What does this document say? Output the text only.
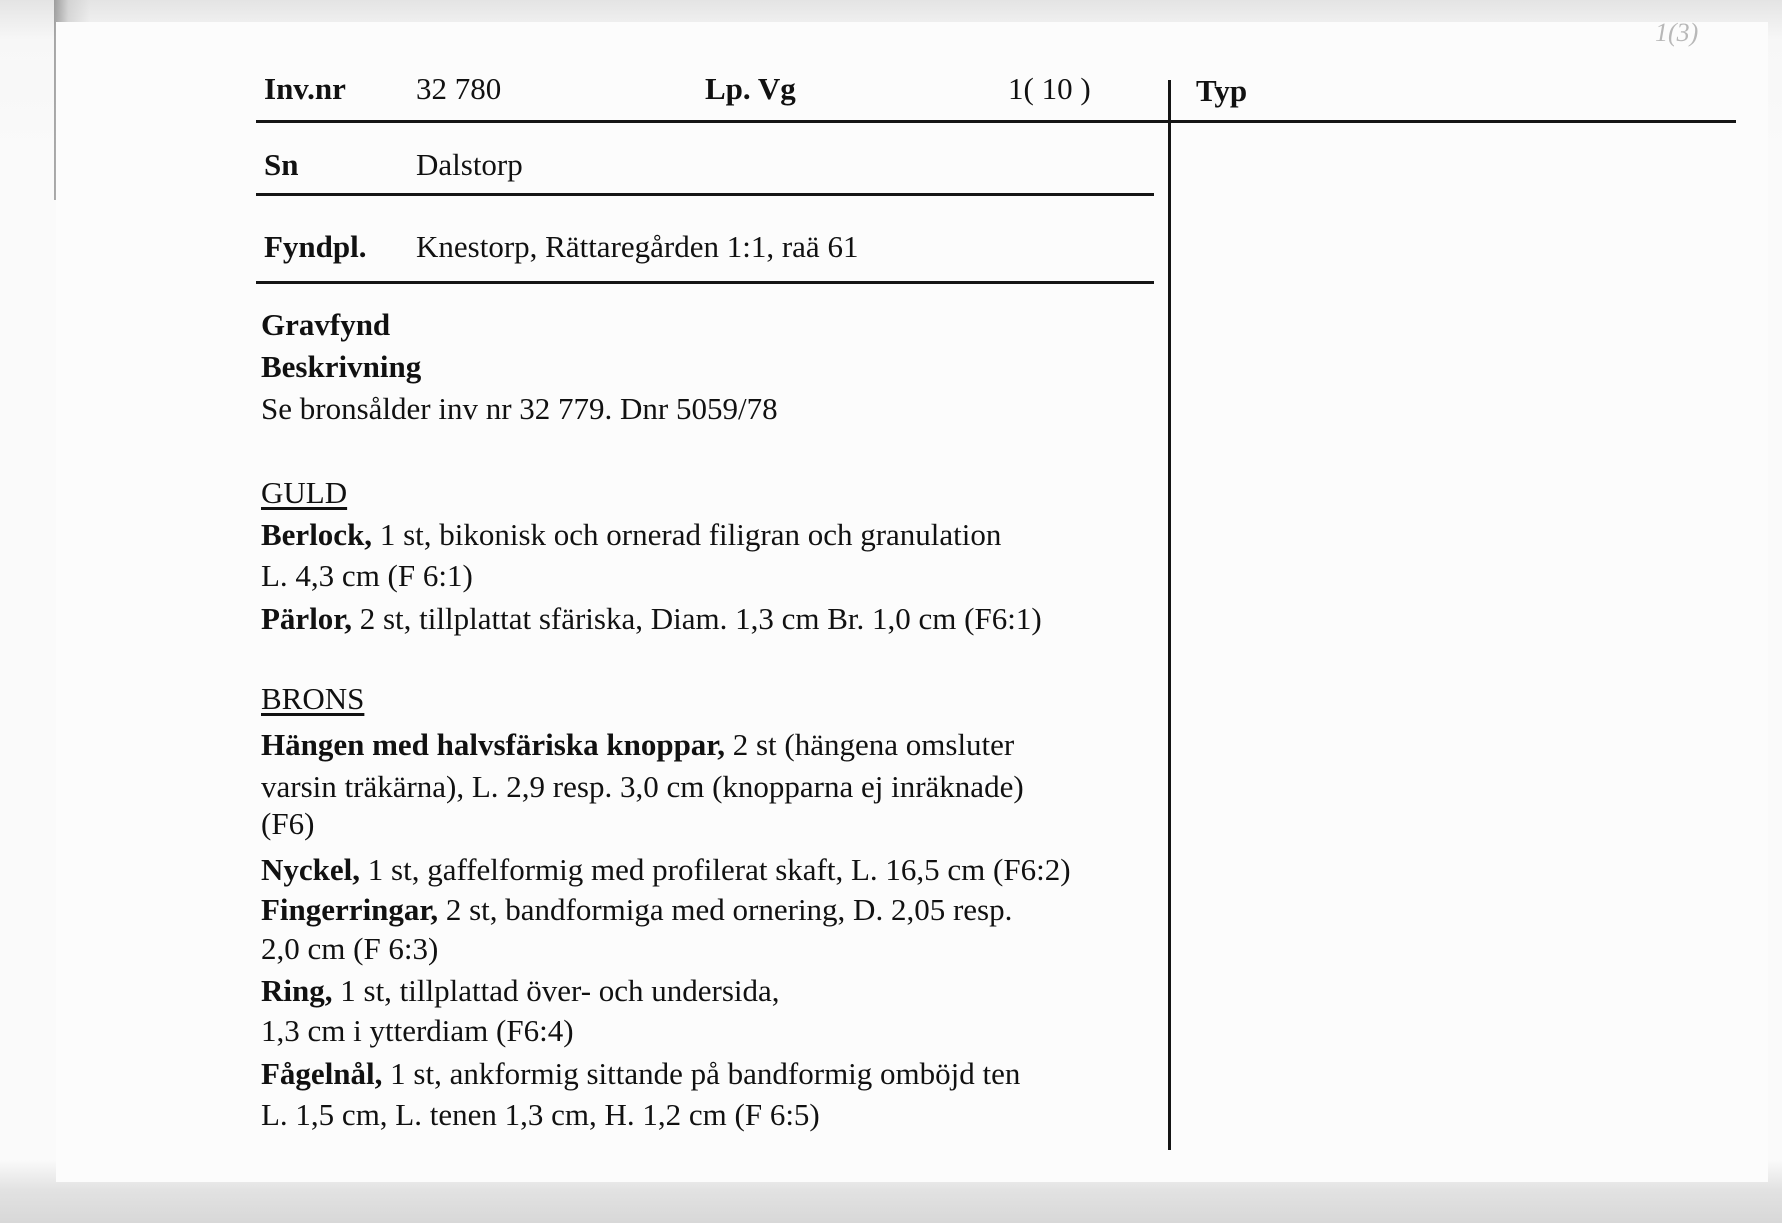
1(3)
Inv.nr 32 780	Lp. Vg	1( 10 )	Typ
Sn	Dalstorp
Fyndpl. Knestorp, Rättaregården 1:1, raä 61
Gravfynd
Beskrivning
Se bronsålder inv nr 32 779. Dnr 5059/78
GULD
Berlock, 1 st, bikonisk och ornerad filigran och granulation
L. 4,3 cm (F 6:1)
Pärlor, 2 st, tillplattat sfäriska, Diam. 1,3 cm Br. 1,0 cm (F6:1)
BRONS
Hängen med halvsfäriska knoppar, 2 st (hängena omsluter
varsin träkärna), L. 2,9 resp. 3,0 cm (knopparna ej inräknade)
(F6)
Nyckel, 1 st, gaffelformig med profilerat skaft, L. 16,5 cm (F6:2)
Fingerringar, 2 st, bandformiga med ornering, D. 2,05 resp.
2,0 cm (F 6:3)
Ring, 1 st, tillplattad över- och undersida,
1,3 cm i ytterdiam (F6:4)
Fågelnål, 1 st, ankformig sittande på bandformig omböjd ten
L. 1,5 cm, L. tenen 1,3 cm, H. 1,2 cm (F 6:5)
